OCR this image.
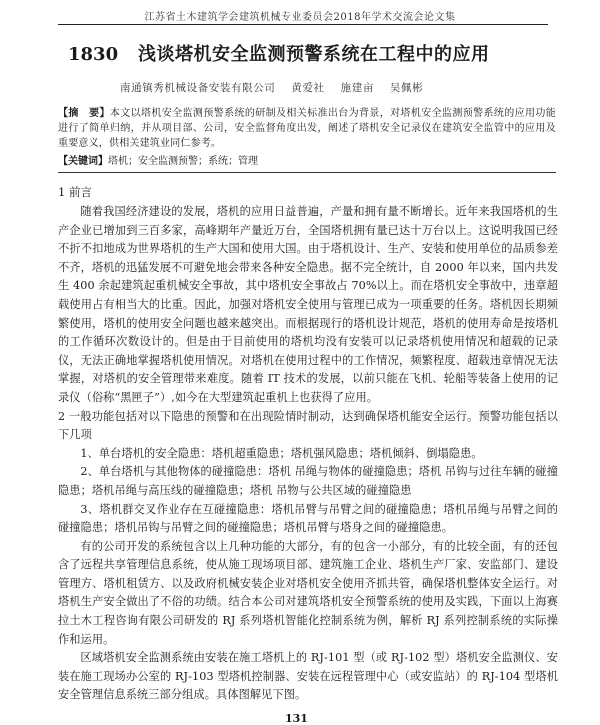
江苏省土木建筑学会建筑机械专业委员会2018年学术交流会论文集
1830 浅谈塔机安全监测预警系统在工程中的应用
南通镇秀机械设备安装有限公司 黄爱社 施建亩 吴佩彬
【摘　要】本文以塔机安全监测预警系统的研制及相关标准出台为背景，对塔机安全监测预警系统的应用功能进行了简单归纳，并从项目部、公司，安全监督角度出发，阐述了塔机安全记录仪在建筑安全监管中的应用及重要意义，供相关建筑业同仁参考。
【关键词】塔机；安全监测预警；系统；管理
1 前言

随着我国经济建设的发展，塔机的应用日益普遍，产量和拥有量不断增长。近年来我国塔机的生产企业已增加到三百多家，高峰期年产量近万台，全国塔机拥有量已达十万台以上。这说明我国已经不折不扣地成为世界塔机的生产大国和使用大国。由于塔机设计、生产、安装和使用单位的品质参差不齐，塔机的迅猛发展不可避免地会带来各种安全隐患。据不完全统计，自 2000 年以来，国内共发生 400 余起建筑起重机械安全事故，其中塔机安全事故占 70%以上。而在塔机安全事故中，违章超载使用占有相当大的比重。因此，加强对塔机安全使用与管理已成为一项重要的任务。塔机因长期频繁使用，塔机的使用安全问题也越来越突出。而根据现行的塔机设计规范，塔机的使用寿命是按塔机的工作循环次数设计的。但是由于目前使用的塔机均没有安装可以记录塔机使用情况和超载的记录仪，无法正确地掌握塔机使用情况。对塔机在使用过程中的工作情况，频繁程度、超载违章情况无法掌握，对塔机的安全管理带来难度。随着 IT 技术的发展，以前只能在飞机、轮船等装备上使用的记录仪（俗称“黑匣子”）,如今在大型建筑起重机上也获得了应用。

2 一般功能包括对以下隐患的预警和在出现险情时制动，达到确保塔机能安全运行。预警功能包括以下几项

1、单台塔机的安全隐患：塔机超重隐患；塔机强风隐患；塔机倾斜、倒塌隐患。

2、单台塔机与其他物体的碰撞隐患：塔机 吊绳与物体的碰撞隐患；塔机 吊钩与过往车辆的碰撞隐患；塔机吊绳与高压线的碰撞隐患；塔机 吊物与公共区域的碰撞隐患

3、塔机群交叉作业存在互碰撞隐患：塔机吊臂与吊臂之间的碰撞隐患；塔机吊绳与吊臂之间的碰撞隐患；塔机吊钩与吊臂之间的碰撞隐患；塔机吊臂与塔身之间的碰撞隐患。

有的公司开发的系统包含以上几种功能的大部分，有的包含一小部分，有的比较全面，有的还包含了远程共享管理信息系统，使从施工现场项目部、建筑施工企业、塔机生产厂家、安监部门、建设管理方、塔机租赁方、以及政府机械安装企业对塔机安全使用齐抓共管，确保塔机整体安全运行。对塔机生产安全做出了不俗的功绩。结合本公司对建筑塔机安全预警系统的使用及实践，下面以上海赛拉土木工程咨询有限公司研发的 RJ 系列塔机智能化控制系统为例，解析 RJ 系列控制系统的实际操作和运用。

区域塔机安全监测系统由安装在施工塔机上的 RJ-101 型（或 RJ-102 型）塔机安全监测仪、安装在施工现场办公室的 RJ-103 型塔机控制器、安装在远程管理中心（或安监站）的 RJ-104 型塔机安全管理信息系统三部分组成。具体图解见下图。

131
